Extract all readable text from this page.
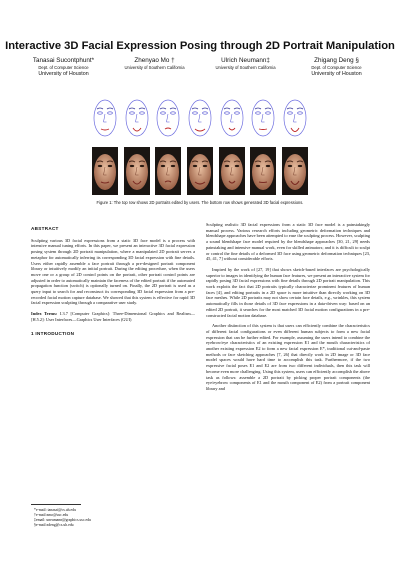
Interactive 3D Facial Expression Posing through 2D Portrait Manipulation
Tanasai Sucontphunt*
Dept. of Computer Science
University of Houston
Zhenyao Mo †
University of Southern California
Ulrich Neumann‡
University of Southern California
Zhigang Deng §
Dept. of Computer Science
University of Houston
Figure 1: The top row shows 2D portraits edited by users. The bottom row shows generated 3D facial expressions.
ABSTRACT

Sculpting various 3D facial expressions from a static 3D face model is a process with intensive manual tuning efforts. In this paper, we present an interactive 3D facial expression posing system through 2D portrait manipulation, where a manipulated 2D portrait serves a metaphor for automatically inferring its corresponding 3D facial expression with fine details. Users either rapidly assemble a face portrait through a pre-designed portrait component library or intuitively modify an initial portrait. During the editing procedure, when the users move one or a group of 2D control points on the portrait, other portrait control points are adjusted in order to automatically maintain the faceness of the edited portrait if the automated propagation function (switch) is optionally turned on. Finally, the 2D portrait is used as a query input to search for and reconstruct its corresponding 3D facial expression from a pre-recorded facial motion capture database. We showed that this system is effective for rapid 3D facial expression sculpting through a comparative user study.

Index Terms: I.3.7 [Computer Graphics]: Three-Dimensional Graphics and Realism— [H.5.2]: User Interfaces—Graphics User Interfaces (GUI)

1 INTRODUCTION
*e-mail: tanasai@cs.uh.edu
†e-mail:zmo@usc.edu
‡email: uneumann@graphics.usc.edu
§e-mail:zdeng@cs.uh.edu

Sculpting realistic 3D facial expressions from a static 3D face model is a painstakingly manual process. Various research efforts including geometric deformation techniques and blendshape approaches have been attempted to ease the sculpting process. However, sculpting a sound blendshape face model required by the blendshape approaches [30, 21, 29] needs painstaking and intensive manual work, even for skilled animators; and it is difficult to sculpt or control the fine details of a deformed 3D face using geometric deformation techniques [23, 45, 41, 7] without considerable efforts.

Inspired by the work of [27, 19] that shows sketch-based interfaces are psychologically superior to images in identifying the human face features, we present an interactive system for rapidly posing 3D facial expressions with fine details through 2D portrait manipulation. This work exploits the fact that 2D portraits typically characterize prominent features of human faces [4], and editing portraits in a 2D space is more intuitive than directly working on 3D face meshes. While 2D portraits may not show certain face details, e.g., wrinkles, this system automatically fills in those details of 3D face expressions in a data-driven way: based on an edited 2D portrait, it searches for the most matched 3D facial motion configurations in a pre-constructed facial motion database.

Another distinction of this system is that users can efficiently combine the characteristics of different facial configurations or even different human subjects to form a new facial expression that can be further edited. For example, assuming the users intend to combine the eyebrow/eye characteristics of an existing expression E1 and the mouth characteristics of another existing expression E2 to form a new facial expression E*, traditional cut-and-paste methods or face sketching approaches [7, 26] that directly work in 2D image or 3D face model spaces would have hard time to accomplish this task. Furthermore, if the two expressive facial poses E1 and E2 are from two different individuals, then this task will become even more challenging. Using this system, users can efficiently accomplish the above task as follows: assemble a 2D portrait by picking proper portrait components (the eye/eyebrow components of E1 and the mouth component of E2) from a portrait component library and
